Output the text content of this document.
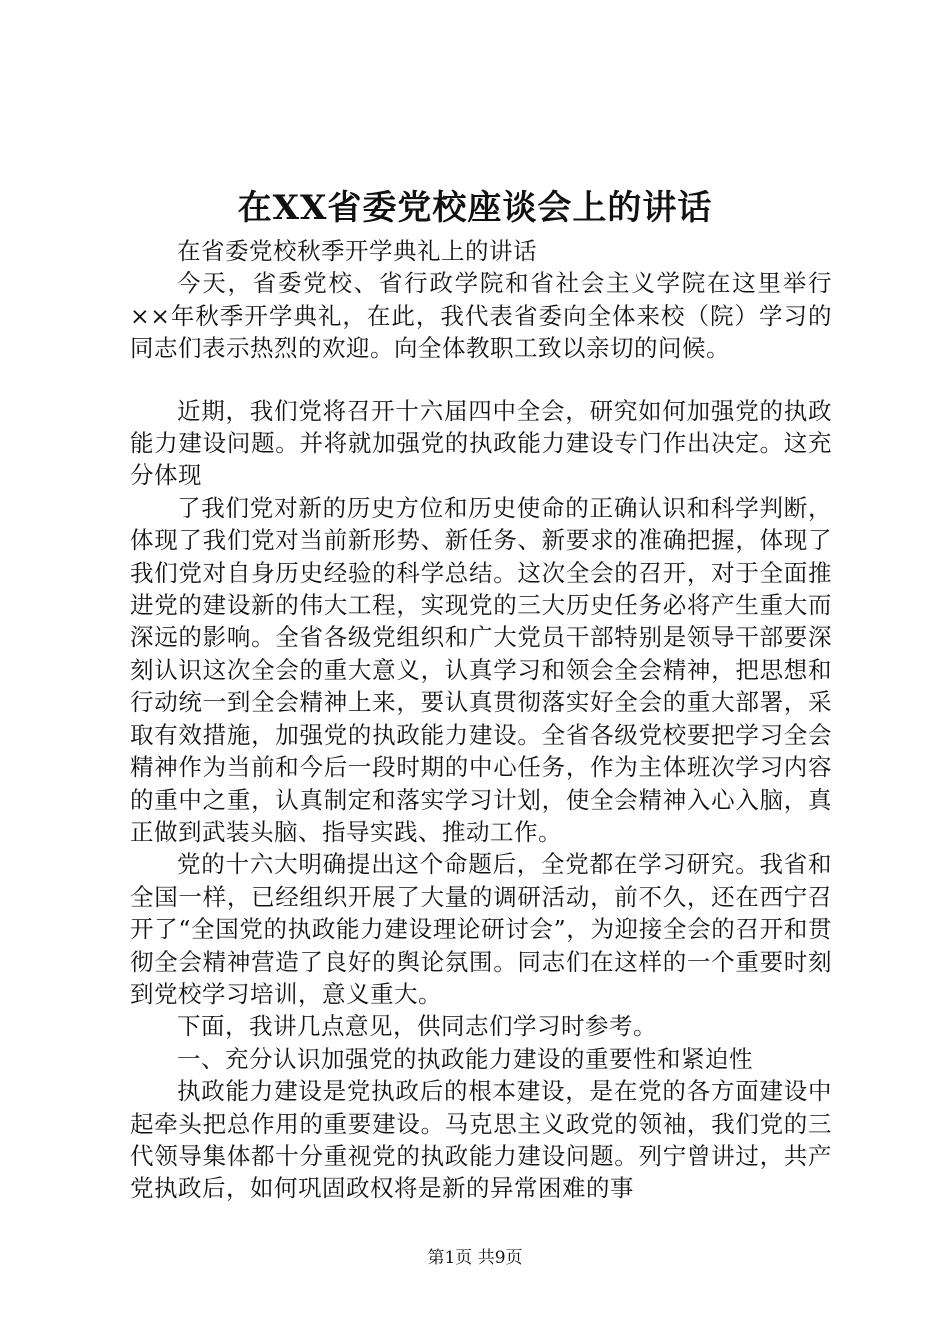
在XX省委党校座谈会上的讲话

在省委党校秋季开学典礼上的讲话

今天，省委党校、省行政学院和省社会主义学院在这里举行××年秋季开学典礼，在此，我代表省委向全体来校（院）学习的同志们表示热烈的欢迎。向全体教职工致以亲切的问候。

近期，我们党将召开十六届四中全会，研究如何加强党的执政能力建设问题。并将就加强党的执政能力建设专门作出决定。这充分体现

了我们党对新的历史方位和历史使命的正确认识和科学判断，体现了我们党对当前新形势、新任务、新要求的准确把握，体现了我们党对自身历史经验的科学总结。这次全会的召开，对于全面推进党的建设新的伟大工程，实现党的三大历史任务必将产生重大而深远的影响。全省各级党组织和广大党员干部特别是领导干部要深刻认识这次全会的重大意义，认真学习和领会全会精神，把思想和行动统一到全会精神上来，要认真贯彻落实好全会的重大部署，采取有效措施，加强党的执政能力建设。全省各级党校要把学习全会精神作为当前和今后一段时期的中心任务，作为主体班次学习内容的重中之重，认真制定和落实学习计划，使全会精神入心入脑，真正做到武装头脑、指导实践、推动工作。

党的十六大明确提出这个命题后，全党都在学习研究。我省和全国一样，已经组织开展了大量的调研活动，前不久，还在西宁召开了“全国党的执政能力建设理论研讨会”，为迎接全会的召开和贯彻全会精神营造了良好的舆论氛围。同志们在这样的一个重要时刻到党校学习培训，意义重大。

下面，我讲几点意见，供同志们学习时参考。

一、充分认识加强党的执政能力建设的重要性和紧迫性

执政能力建设是党执政后的根本建设，是在党的各方面建设中起牵头把总作用的重要建设。马克思主义政党的领袖，我们党的三代领导集体都十分重视党的执政能力建设问题。列宁曾讲过，共产党执政后，如何巩固政权将是新的异常困难的事

第1页 共9页
